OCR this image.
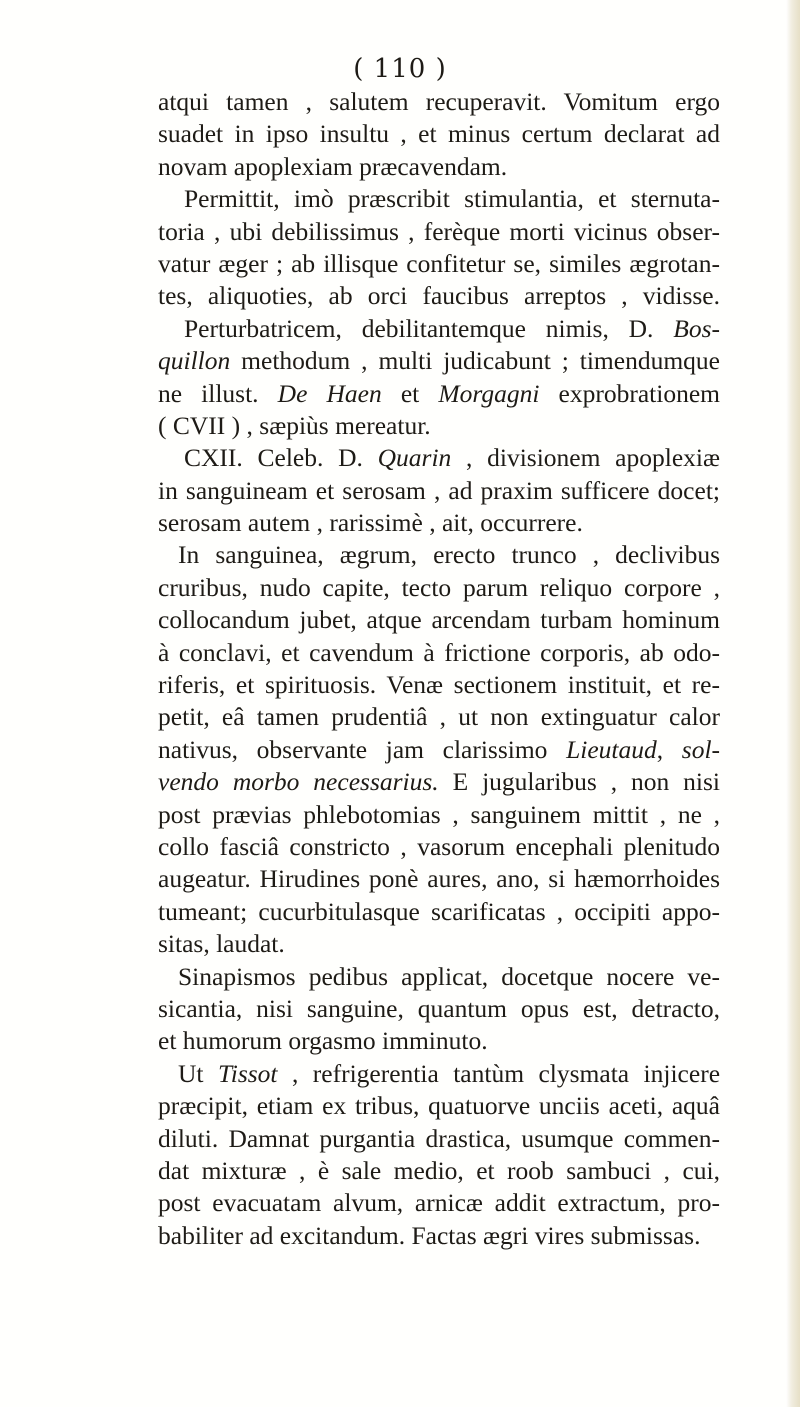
( 110 )
atqui tamen , salutem recuperavit. Vomitum ergo
suadet in ipso insultu , et minus certum declarat ad
novam apoplexiam præcavendam.
Permittit, imò præscribit stimulantia, et sternuta-
toria , ubi debilissimus , ferèque morti vicinus obser-
vatur æger ; ab illisque confitetur se, similes ægrotan-
tes, aliquoties, ab orci faucibus arreptos , vidisse.
Perturbatricem, debilitantemque nimis, D. Bos-
quillon methodum , multi judicabunt ; timendumque
ne illust. De Haen et Morgagni exprobrationem
( CVII ) , sæpiùs mereatur.
CXII. Celeb. D. Quarin , divisionem apoplexiæ
in sanguineam et serosam , ad praxim sufficere docet;
serosam autem , rarissimè , ait, occurrere.
In sanguinea, ægrum, erecto trunco , declivibus
cruribus, nudo capite, tecto parum reliquo corpore ,
collocandum jubet, atque arcendam turbam hominum
à conclavi, et cavendum à frictione corporis, ab odo-
riferis, et spirituosis. Venæ sectionem instituit, et re-
petit, eâ tamen prudentiâ , ut non extinguatur calor
nativus, observante jam clarissimo Lieutaud, sol-
vendo morbo necessarius. E jugularibus , non nisi
post prævias phlebotomias , sanguinem mittit , ne ,
collo fasciâ constricto , vasorum encephali plenitudo
augeatur. Hirudines ponè aures, ano, si hæmorrhoides
tumeant; cucurbitulasque scarificatas , occipiti appo-
sitas, laudat.
Sinapismos pedibus applicat, docetque nocere ve-
sicantia, nisi sanguine, quantum opus est, detracto,
et humorum orgasmo imminuto.
Ut Tissot , refrigerentia tantùm clysmata injicere
præcipit, etiam ex tribus, quatuorve unciis aceti, aquâ
diluti. Damnat purgantia drastica, usumque commen-
dat mixturæ , è sale medio, et roob sambuci , cui,
post evacuatam alvum, arnicæ addit extractum, pro-
babiliter ad excitandum. Factas ægri vires submissas.
